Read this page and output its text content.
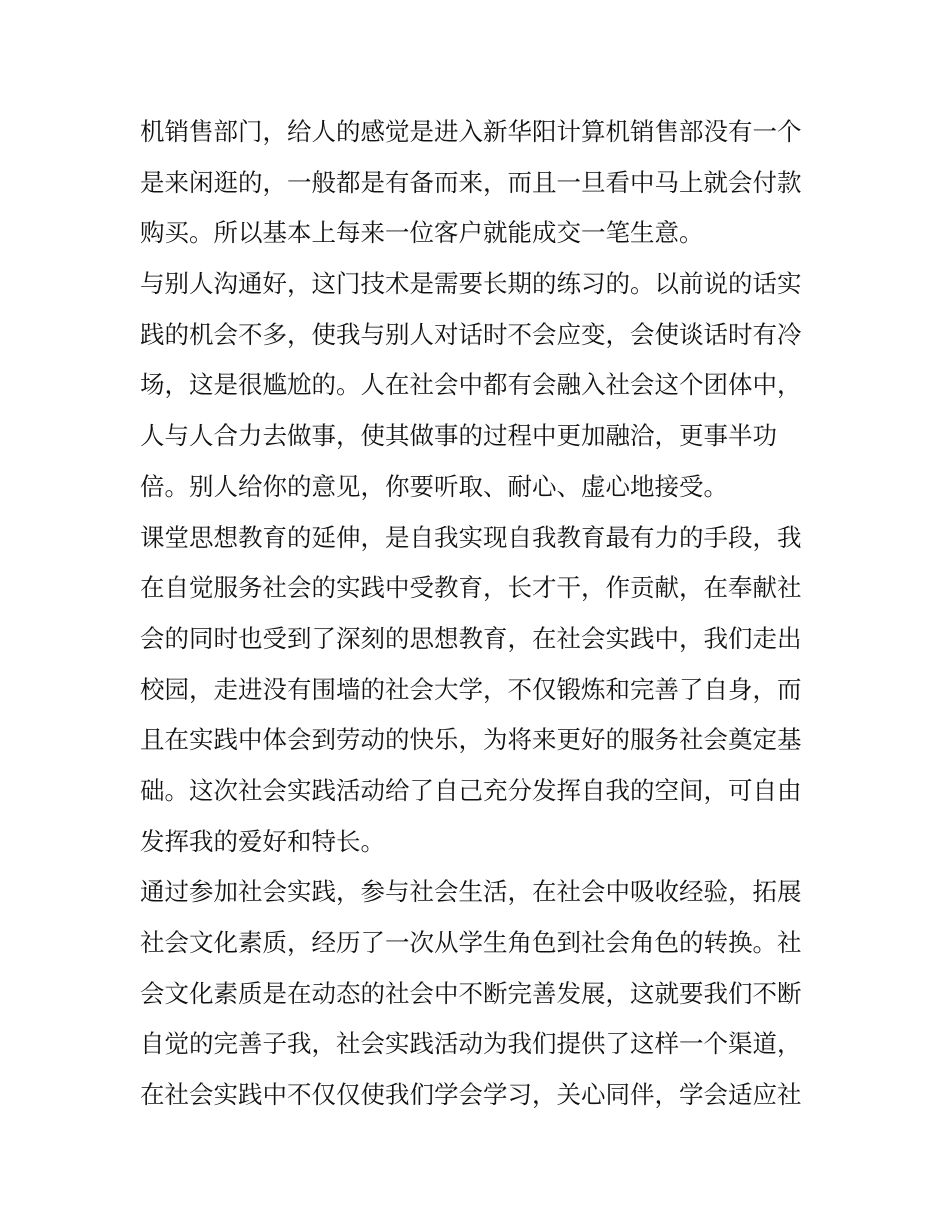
机销售部门，给人的感觉是进入新华阳计算机销售部没有一个
是来闲逛的，一般都是有备而来，而且一旦看中马上就会付款
购买。所以基本上每来一位客户就能成交一笔生意。
与别人沟通好，这门技术是需要长期的练习的。以前说的话实
践的机会不多，使我与别人对话时不会应变，会使谈话时有冷
场，这是很尴尬的。人在社会中都有会融入社会这个团体中，
人与人合力去做事，使其做事的过程中更加融洽，更事半功
倍。别人给你的意见，你要听取、耐心、虚心地接受。
课堂思想教育的延伸，是自我实现自我教育最有力的手段，我
在自觉服务社会的实践中受教育，长才干，作贡献，在奉献社
会的同时也受到了深刻的思想教育，在社会实践中，我们走出
校园，走进没有围墙的社会大学，不仅锻炼和完善了自身，而
且在实践中体会到劳动的快乐，为将来更好的服务社会奠定基
础。这次社会实践活动给了自己充分发挥自我的空间，可自由
发挥我的爱好和特长。
通过参加社会实践，参与社会生活，在社会中吸收经验，拓展
社会文化素质，经历了一次从学生角色到社会角色的转换。社
会文化素质是在动态的社会中不断完善发展，这就要我们不断
自觉的完善子我，社会实践活动为我们提供了这样一个渠道，
在社会实践中不仅仅使我们学会学习，关心同伴，学会适应社
